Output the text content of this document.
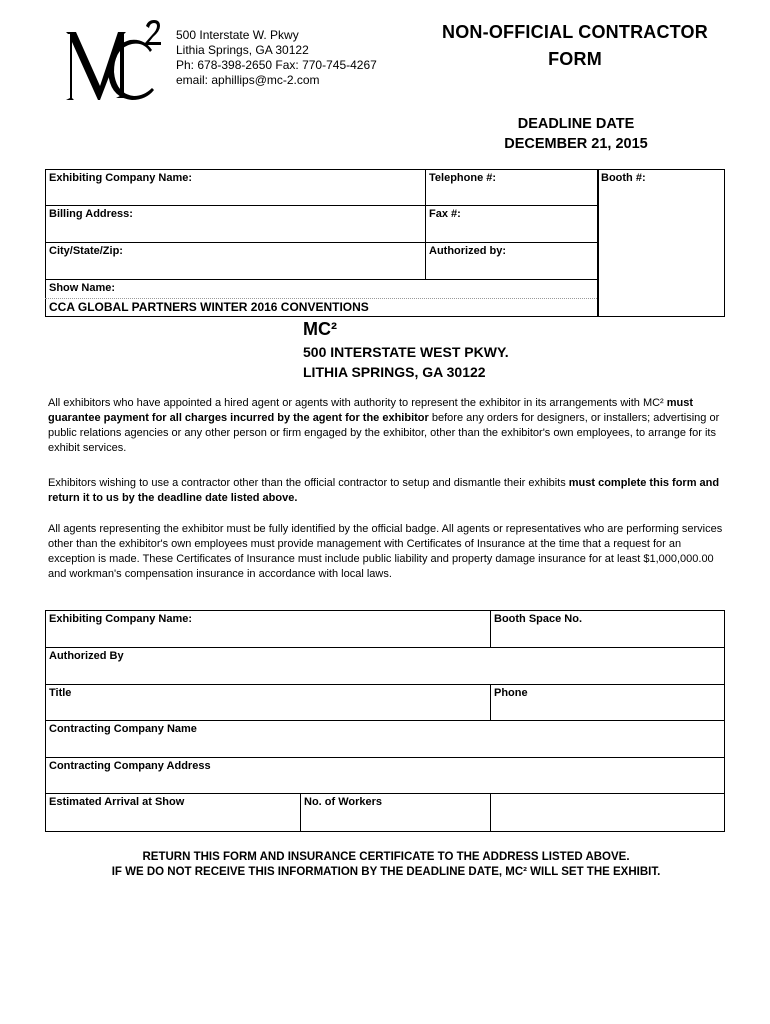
500 Interstate W. Pkwy
Lithia Springs, GA 30122
Ph: 678-398-2650 Fax: 770-745-4267
email: aphillips@mc-2.com
NON-OFFICIAL CONTRACTOR
FORM
DEADLINE DATE
DECEMBER 21, 2015
Exhibiting Company Name:	Telephone #:	Booth #:
Billing Address:	Fax #:
City/State/Zip:	Authorized by:
Show Name:
CCA GLOBAL PARTNERS WINTER 2016 CONVENTIONS
MC²
500 INTERSTATE WEST PKWY.
LITHIA SPRINGS, GA 30122
All exhibitors who have appointed a hired agent or agents with authority to represent the exhibitor in its arrangements with MC² must guarantee payment for all charges incurred by the agent for the exhibitor before any orders for designers, or installers; advertising or public relations agencies or any other person or firm engaged by the exhibitor, other than the exhibitor's own employees, to arrange for its exhibit services.
Exhibitors wishing to use a contractor other than the official contractor to setup and dismantle their exhibits must complete this form and return it to us by the deadline date listed above.
All agents representing the exhibitor must be fully identified by the official badge. All agents or representatives who are performing services other than the exhibitor's own employees must provide management with Certificates of Insurance at the time that a request for an exception is made. These Certificates of Insurance must include public liability and property damage insurance for at least $1,000,000.00 and workman's compensation insurance in accordance with local laws.
Exhibiting Company Name:	Booth Space No.
Authorized By
Title	Phone
Contracting Company Name
Contracting Company Address
Estimated Arrival at Show	No. of Workers
RETURN THIS FORM AND INSURANCE CERTIFICATE TO THE ADDRESS LISTED ABOVE.
IF WE DO NOT RECEIVE THIS INFORMATION BY THE DEADLINE DATE, MC² WILL SET THE EXHIBIT.
